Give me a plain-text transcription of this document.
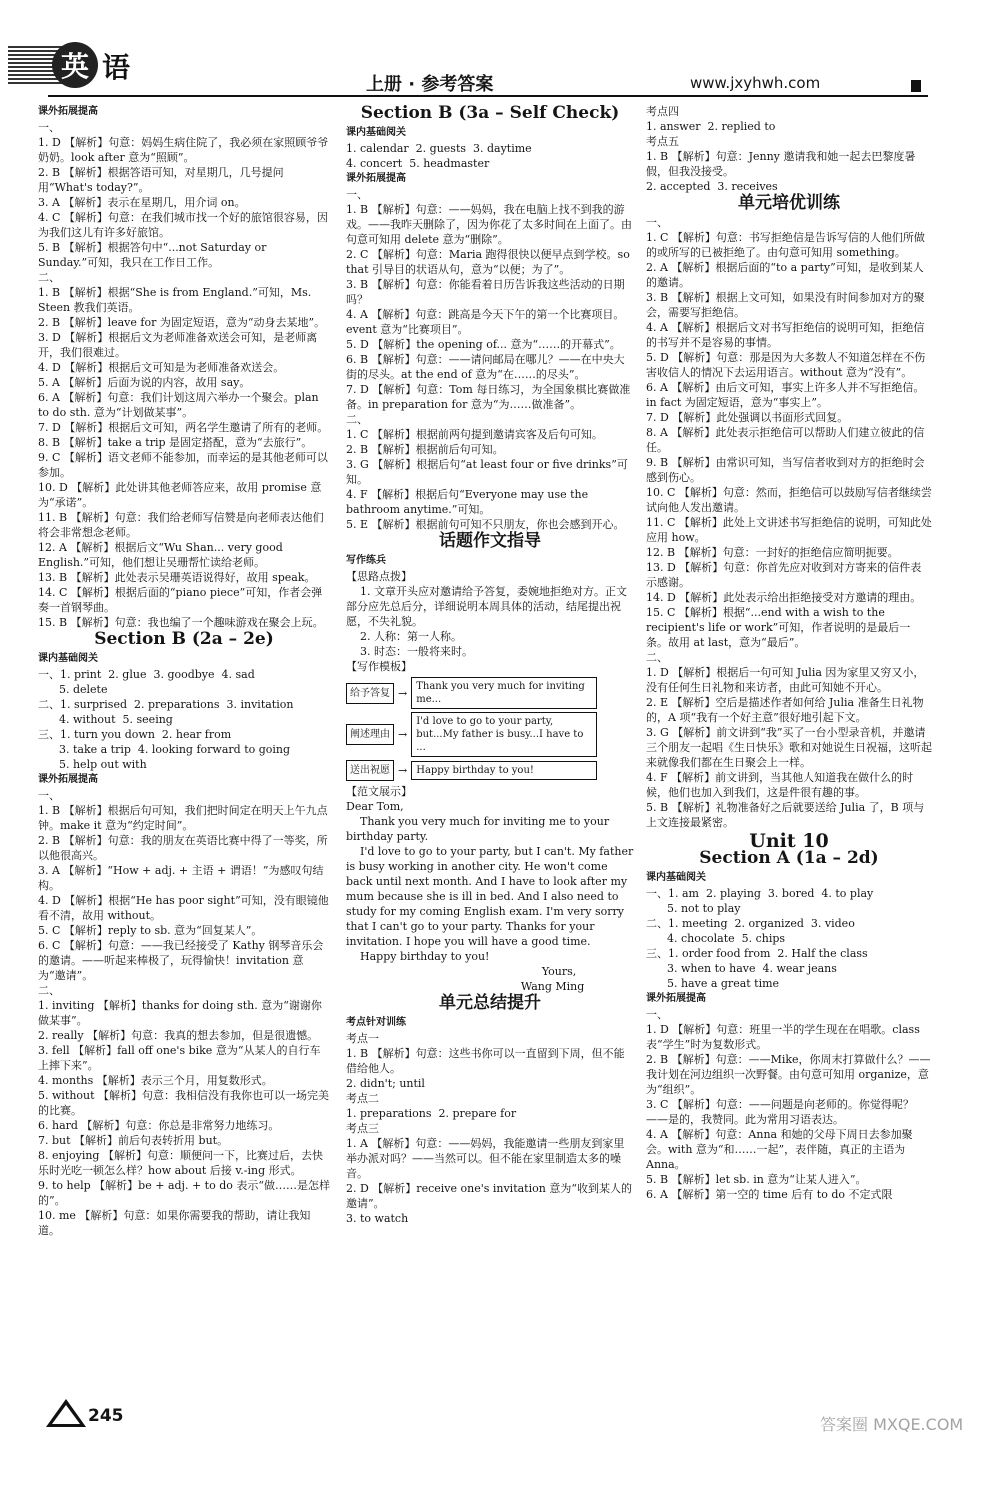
英 语
上册 · 参考答案	www.jxyhwh.com
课外拓展提高
一、
1. D 【解析】句意：妈妈生病住院了，我必须在家照顾爷爷奶奶。look after 意为“照顾”。
2. B 【解析】根据答语可知，对星期几，几号提问用“What's today?”。
3. A 【解析】表示在星期几，用介词 on。
4. C 【解析】句意：在我们城市找一个好的旅馆很容易，因为我们这儿有许多好旅馆。
5. B 【解析】根据答句中“...not Saturday or Sunday.”可知，我只在工作日工作。
二、
1. B 【解析】根据“She is from England.”可知，Ms. Steen 教我们英语。
2. B 【解析】leave for 为固定短语，意为“动身去某地”。
3. D 【解析】根据后文为老师准备欢送会可知，是老师离开，我们很难过。
4. D 【解析】根据后文可知是为老师准备欢送会。
5. A 【解析】后面为说的内容，故用 say。
6. A 【解析】句意：我们计划这周六举办一个聚会。plan to do sth. 意为“计划做某事”。
7. D 【解析】根据后文可知，两名学生邀请了所有的老师。
8. B 【解析】take a trip 是固定搭配，意为“去旅行”。
9. C 【解析】语文老师不能参加，而幸运的是其他老师可以参加。
10. D 【解析】此处讲其他老师答应来，故用 promise 意为“承诺”。
11. B 【解析】句意：我们给老师写信赞是向老师表达他们将会非常想念老师。
12. A 【解析】根据后文“Wu Shan... very good English.”可知，他们想让吴珊帮忙读给老师。
13. B 【解析】此处表示吴珊英语说得好，故用 speak。
14. C 【解析】根据后面的“piano piece”可知，作者会弹奏一首钢琴曲。
15. B 【解析】句意：我也编了一个趣味游戏在聚会上玩。
Section B (2a – 2e)
课内基础阅关
一、1. print  2. glue  3. goodbye  4. sad
5. delete
二、1. surprised  2. preparations  3. invitation
4. without  5. seeing
三、1. turn you down  2. hear from
3. take a trip  4. looking forward to going
5. help out with
课外拓展提高
一、
1. B 【解析】根据后句可知，我们把时间定在明天上午九点钟。make it 意为“约定时间”。
2. B 【解析】句意：我的朋友在英语比赛中得了一等奖，所以他很高兴。
3. A 【解析】“How + adj. + 主语 + 谓语！”为感叹句结构。
4. D 【解析】根据“He has poor sight”可知，没有眼镜他看不清，故用 without。
5. C 【解析】reply to sb. 意为“回复某人”。
6. C 【解析】句意：——我已经接受了 Kathy 钢琴音乐会的邀请。——听起来棒极了，玩得愉快！invitation 意为“邀请”。
二、
1. inviting 【解析】thanks for doing sth. 意为“谢谢你做某事”。
2. really 【解析】句意：我真的想去参加，但是很遗憾。
3. fell 【解析】fall off one's bike 意为“从某人的自行车上摔下来”。
4. months 【解析】表示三个月，用复数形式。
5. without 【解析】句意：我相信没有我你也可以一场完美的比赛。
6. hard 【解析】句意：你总是非常努力地练习。
7. but 【解析】前后句表转折用 but。
8. enjoying 【解析】句意：顺便问一下，比赛过后，去快乐时光吃一顿怎么样？how about 后接 v.-ing 形式。
9. to help 【解析】be + adj. + to do 表示“做……是怎样的”。
10. me 【解析】句意：如果你需要我的帮助，请让我知道。
Section B (3a – Self Check)
课内基础阅关
1. calendar  2. guests  3. daytime
4. concert  5. headmaster
课外拓展提高
一、
1. B 【解析】句意：——妈妈，我在电脑上找不到我的游戏。——我昨天删除了，因为你花了太多时间在上面了。由句意可知用 delete 意为“删除”。
2. C 【解析】句意：Maria 跑得很快以便早点到学校。so that 引导目的状语从句，意为“以便；为了”。
3. B 【解析】句意：你能看着日历告诉我这些活动的日期吗？
4. A 【解析】句意：跳高是今天下午的第一个比赛项目。event 意为“比赛项目”。
5. D 【解析】the opening of... 意为“……的开幕式”。
6. B 【解析】句意：——请问邮局在哪儿？——在中央大街的尽头。at the end of 意为“在……的尽头”。
7. D 【解析】句意：Tom 每日练习，为全国象棋比赛做准备。in preparation for 意为“为……做准备”。
二、
1. C 【解析】根据前两句提到邀请宾客及后句可知。
2. B 【解析】根据前后句可知。
3. G 【解析】根据后句“at least four or five drinks”可知。
4. F 【解析】根据后句“Everyone may use the bathroom anytime.”可知。
5. E 【解析】根据前句可知不只朋友，你也会感到开心。
话题作文指导
写作练兵
【思路点拨】
1. 文章开头应对邀请给予答复，委婉地拒绝对方。正文部分应先总后分，详细说明本周具体的活动，结尾提出祝愿，不失礼貌。
2. 人称：第一人称。
3. 时态：一般将来时。
【写作模板】
给予答复 → Thank you very much for inviting me...
阐述理由 →
I'd love to go to your party, but...My father is busy...I have to ...
送出祝愿 → Happy birthday to you!
【范文展示】
Dear Tom,
Thank you very much for inviting me to your birthday party.
I'd love to go to your party, but I can't. My father is busy working in another city. He won't come back until next month. And I have to look after my mum because she is ill in bed. And I also need to study for my coming English exam. I'm very sorry that I can't go to your party. Thanks for your invitation. I hope you will have a good time.
Happy birthday to you!
Yours,
Wang Ming
单元总结提升
考点针对训练
考点一
1. B 【解析】句意：这些书你可以一直留到下周，但不能借给他人。
2. didn't; until
考点二
1. preparations  2. prepare for
考点三
1. A 【解析】句意：——妈妈，我能邀请一些朋友到家里举办派对吗？——当然可以。但不能在家里制造太多的噪音。
2. D 【解析】receive one's invitation 意为“收到某人的邀请”。
3. to watch
考点四
1. answer  2. replied to
考点五
1. B 【解析】句意：Jenny 邀请我和她一起去巴黎度暑假，但我没接受。
2. accepted  3. receives
单元培优训练
一、
1. C 【解析】句意：书写拒绝信是告诉写信的人他们所做的或所写的已被拒绝了。由句意可知用 something。
2. A 【解析】根据后面的“to a party”可知，是收到某人的邀请。
3. B 【解析】根据上文可知，如果没有时间参加对方的聚会，需要写拒绝信。
4. A 【解析】根据后文对书写拒绝信的说明可知，拒绝信的书写并不是容易的事情。
5. D 【解析】句意：那是因为大多数人不知道怎样在不伤害收信人的情况下去运用语言。without 意为“没有”。
6. A 【解析】由后文可知，事实上许多人并不写拒绝信。in fact 为固定短语，意为“事实上”。
7. D 【解析】此处强调以书面形式回复。
8. A 【解析】此处表示拒绝信可以帮助人们建立彼此的信任。
9. B 【解析】由常识可知，当写信者收到对方的拒绝时会感到伤心。
10. C 【解析】句意：然而，拒绝信可以鼓励写信者继续尝试向他人发出邀请。
11. C 【解析】此处上文讲述书写拒绝信的说明，可知此处应用 how。
12. B 【解析】句意：一封好的拒绝信应简明扼要。
13. D 【解析】句意：你首先应对收到对方寄来的信件表示感谢。
14. D 【解析】此处表示给出拒绝接受对方邀请的理由。
15. C 【解析】根据“...end with a wish to the recipient's life or work”可知，作者说明的是最后一条。故用 at last，意为“最后”。
二、
1. D 【解析】根据后一句可知 Julia 因为家里又穷又小，没有任何生日礼物和来访者，由此可知她不开心。
2. E 【解析】空后是描述作者如何给 Julia 准备生日礼物的，A 项“我有一个好主意”很好地引起下文。
3. G 【解析】前文讲到“我”买了一台小型录音机，并邀请三个朋友一起唱《生日快乐》歌和对她说生日祝福，这听起来就像我们都在生日聚会上一样。
4. F 【解析】前文讲到，当其他人知道我在做什么的时候，他们也加入到我们，这是件很有趣的事。
5. B 【解析】礼物准备好之后就要送给 Julia 了，B 项与上文连接最紧密。
Unit 10
Section A (1a – 2d)
课内基础阅关
一、1. am  2. playing  3. bored  4. to play
5. not to play
二、1. meeting  2. organized  3. video
4. chocolate  5. chips
三、1. order food from  2. Half the class
3. when to have  4. wear jeans
5. have a great time
课外拓展提高
一、
1. D 【解析】句意：班里一半的学生现在在唱歌。class 表“学生”时为复数形式。
2. B 【解析】句意：——Mike，你周末打算做什么？——我计划在河边组织一次野餐。由句意可知用 organize，意为“组织”。
3. C 【解析】句意：——问题是向老师的。你觉得呢？——是的，我赞同。此为常用习语表达。
4. A 【解析】句意：Anna 和她的父母下周日去参加聚会。with 意为“和……一起”，表伴随，真正的主语为 Anna。
5. B 【解析】let sb. in 意为“让某人进入”。
6. A 【解析】第一空的 time 后有 to do 不定式限
245	答案圈 MXQE.COM
